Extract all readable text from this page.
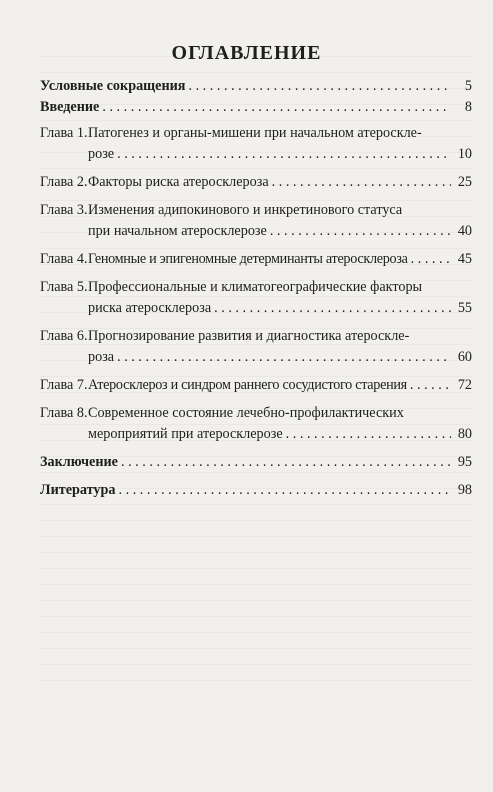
ОГЛАВЛЕНИЕ
Условные сокращения . . .	5
Введение . . .	8
Глава 1. Патогенез и органы-мишени при начальном атероскле-
розе . . .	10
Глава 2. Факторы риска атеросклероза . . .	25
Глава 3. Изменения адипокинового и инкретинового статуса
при начальном атеросклерозе . . .	40
Глава 4. Геномные и эпигеномные детерминанты атеросклероза . . .	45
Глава 5. Профессиональные и климатогеографические факторы
риска атеросклероза . . .	55
Глава 6. Прогнозирование развития и диагностика атероскле-
роза . . .	60
Глава 7. Атеросклероз и синдром раннего сосудистого старения . . .	72
Глава 8. Современное состояние лечебно-профилактических
мероприятий при атеросклерозе . . .	80
Заключение . . .	95
Литература . . .	98
